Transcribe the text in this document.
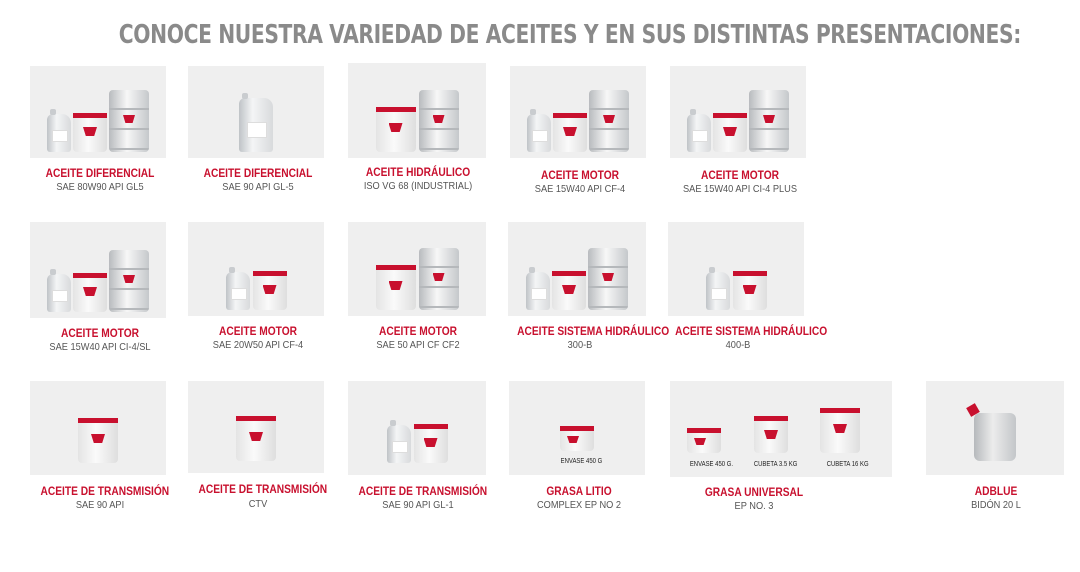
CONOCE NUESTRA VARIEDAD DE ACEITES Y EN SUS DISTINTAS PRESENTACIONES:
ACEITE DIFERENCIAL
SAE 80W90 API GL5
ACEITE DIFERENCIAL
SAE 90 API GL-5
ACEITE HIDRÁULICO
ISO VG 68 (INDUSTRIAL)
ACEITE MOTOR
SAE 15W40 API CF-4
ACEITE MOTOR
SAE 15W40 API CI-4 PLUS
ACEITE MOTOR
SAE 15W40 API CI-4/SL
ACEITE MOTOR
SAE 20W50 API CF-4
ACEITE MOTOR
SAE 50 API CF CF2
ACEITE SISTEMA HIDRÁULICO
300-B
ACEITE SISTEMA HIDRÁULICO
400-B
ACEITE DE TRANSMISIÓN
SAE 90 API
ACEITE DE TRANSMISIÓN
CTV
ACEITE DE TRANSMISIÓN
SAE 90 API GL-1
ENVASE 450 G
GRASA LITIO
COMPLEX EP NO 2
ENVASE 450 G.	CUBETA 3.5 KG	CUBETA 16 KG
GRASA UNIVERSAL
EP NO. 3
ADBLUE
BIDÓN 20 L
